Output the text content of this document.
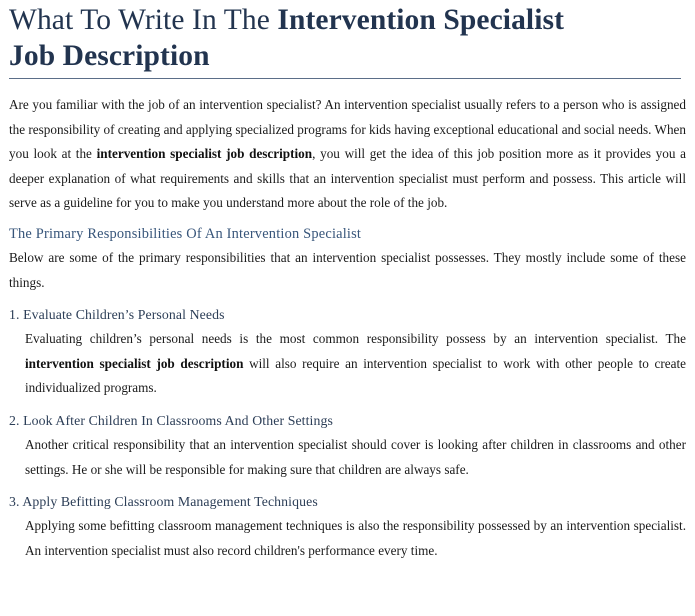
What To Write In The Intervention Specialist
Job Description

Are you familiar with the job of an intervention specialist? An intervention specialist usually refers to a person who is assigned the responsibility of creating and applying specialized programs for kids having exceptional educational and social needs. When you look at the intervention specialist job description, you will get the idea of this job position more as it provides you a deeper explanation of what requirements and skills that an intervention specialist must perform and possess. This article will serve as a guideline for you to make you understand more about the role of the job.

The Primary Responsibilities Of An Intervention Specialist

Below are some of the primary responsibilities that an intervention specialist possesses. They mostly include some of these things.

1. Evaluate Children’s Personal Needs

Evaluating children’s personal needs is the most common responsibility possess by an intervention specialist. The intervention specialist job description will also require an intervention specialist to work with other people to create individualized programs.

2. Look After Children In Classrooms And Other Settings

Another critical responsibility that an intervention specialist should cover is looking after children in classrooms and other settings. He or she will be responsible for making sure that children are always safe.

3. Apply Befitting Classroom Management Techniques

Applying some befitting classroom management techniques is also the responsibility possessed by an intervention specialist. An intervention specialist must also record children's performance every time.
